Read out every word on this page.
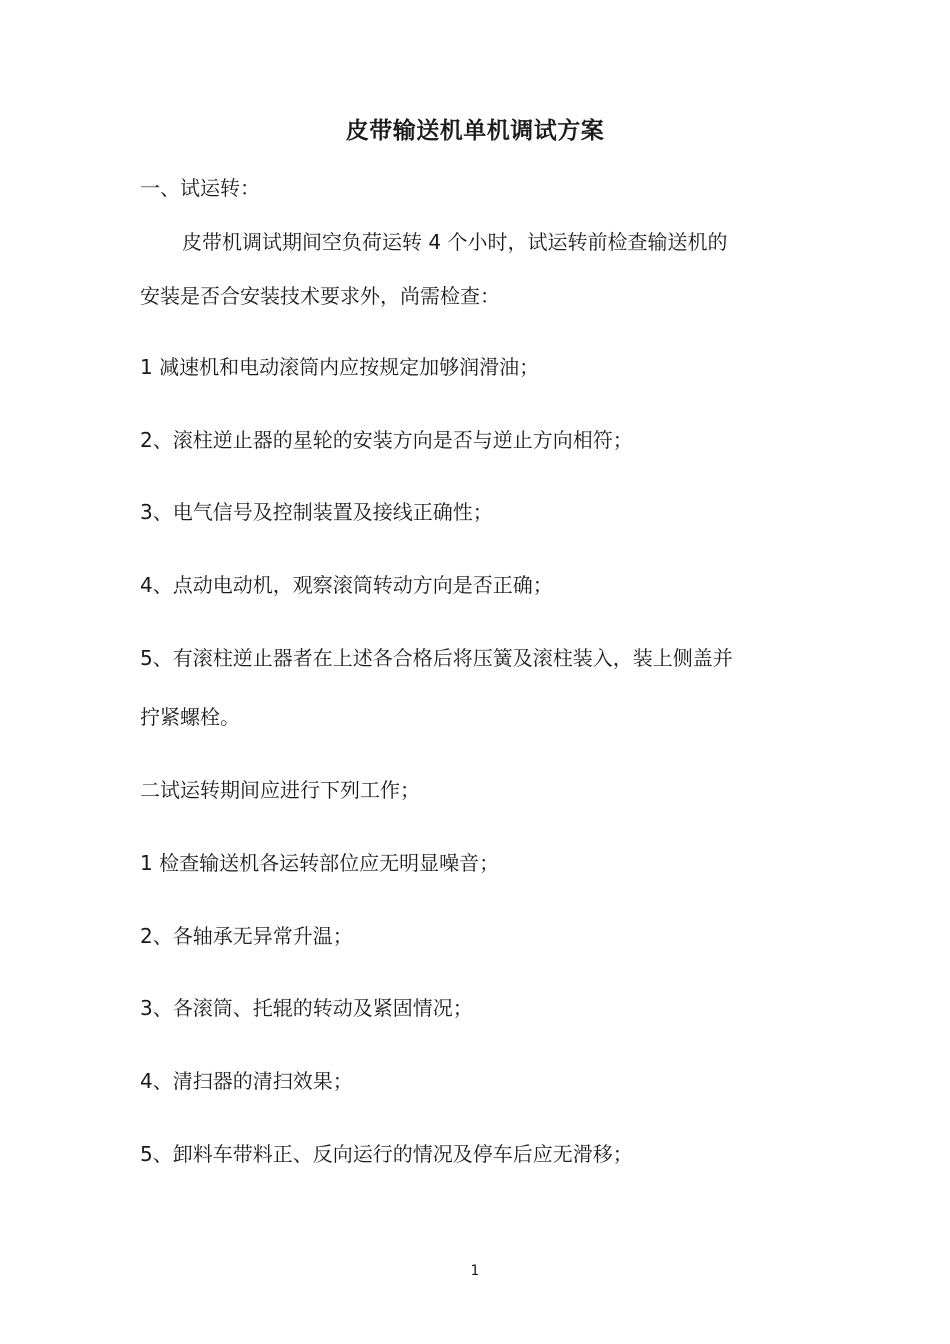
皮带输送机单机调试方案
一、试运转：
皮带机调试期间空负荷运转 4 个小时，试运转前检查输送机的
安装是否合安装技术要求外，尚需检查：
1 减速机和电动滚筒内应按规定加够润滑油；
2、滚柱逆止器的星轮的安装方向是否与逆止方向相符；
3、电气信号及控制装置及接线正确性；
4、点动电动机，观察滚筒转动方向是否正确；
5、有滚柱逆止器者在上述各合格后将压簧及滚柱装入，装上侧盖并
拧紧螺栓。
二试运转期间应进行下列工作；
1 检查输送机各运转部位应无明显噪音；
2、各轴承无异常升温；
3、各滚筒、托辊的转动及紧固情况；
4、清扫器的清扫效果；
5、卸料车带料正、反向运行的情况及停车后应无滑移；
1
